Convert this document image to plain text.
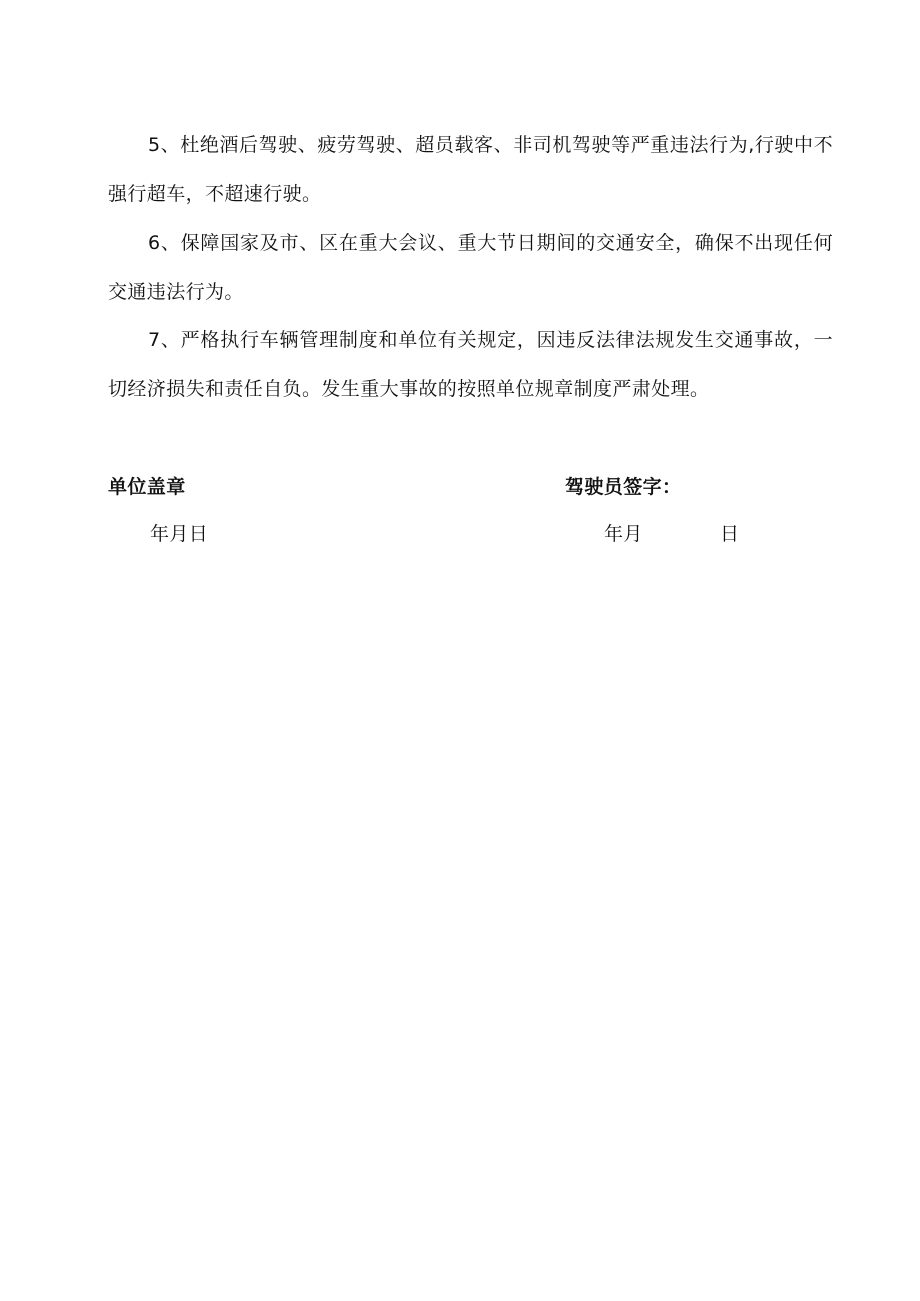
5、杜绝酒后驾驶、疲劳驾驶、超员载客、非司机驾驶等严重违法行为,行驶中不强行超车，不超速行驶。

6、保障国家及市、区在重大会议、重大节日期间的交通安全，确保不出现任何交通违法行为。

7、严格执行车辆管理制度和单位有关规定，因违反法律法规发生交通事故，一切经济损失和责任自负。发生重大事故的按照单位规章制度严肃处理。

单位盖章	驾驶员签字：
年月日	年月	日
